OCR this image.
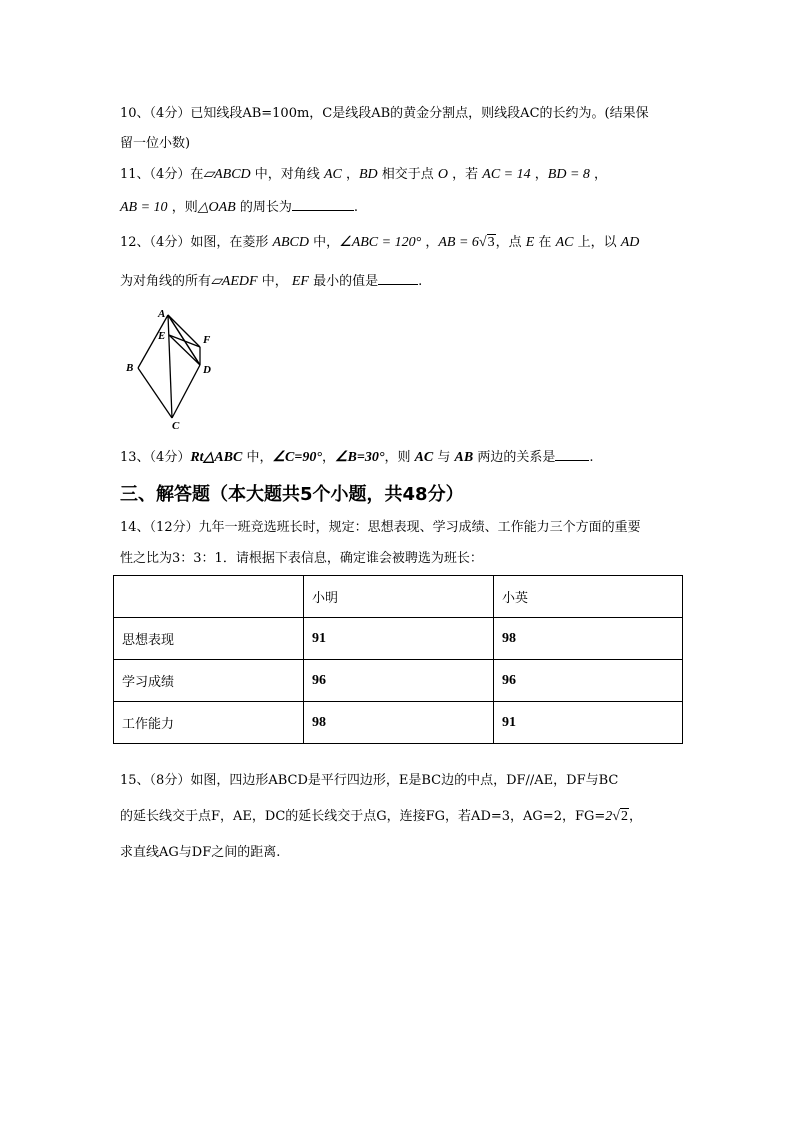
10、（4分）已知线段AB=100m，C是线段AB的黄金分割点，则线段AC的长约为。(结果保
留一位小数)
11、（4分）在▱ABCD 中，对角线 AC ，BD 相交于点 O ，若 AC = 14 ，BD = 8 ，
AB = 10 ，则△OAB 的周长为	.
12、（4分）如图，在菱形 ABCD 中，∠ABC = 120° ，AB = 6√3，点 E 在 AC 上，以 AD
为对角线的所有▱AEDF 中， EF 最小的值是	.
A
E	F
B	D
C
13、（4分）Rt△ABC 中，∠C=90°，∠B=30°，则 AC 与 AB 两边的关系是	.
三、解答题（本大题共5个小题，共48分）
14、（12分）九年一班竞选班长时，规定：思想表现、学习成绩、工作能力三个方面的重要
性之比为3：3：1．请根据下表信息，确定谁会被聘选为班长：
	小明	小英
思想表现	91	98
学习成绩	96	96
工作能力	98	91
15、（8分）如图，四边形ABCD是平行四边形，E是BC边的中点，DF//AE，DF与BC
的延长线交于点F，AE，DC的延长线交于点G，连接FG，若AD=3，AG=2，FG=2√2，
求直线AG与DF之间的距离.
